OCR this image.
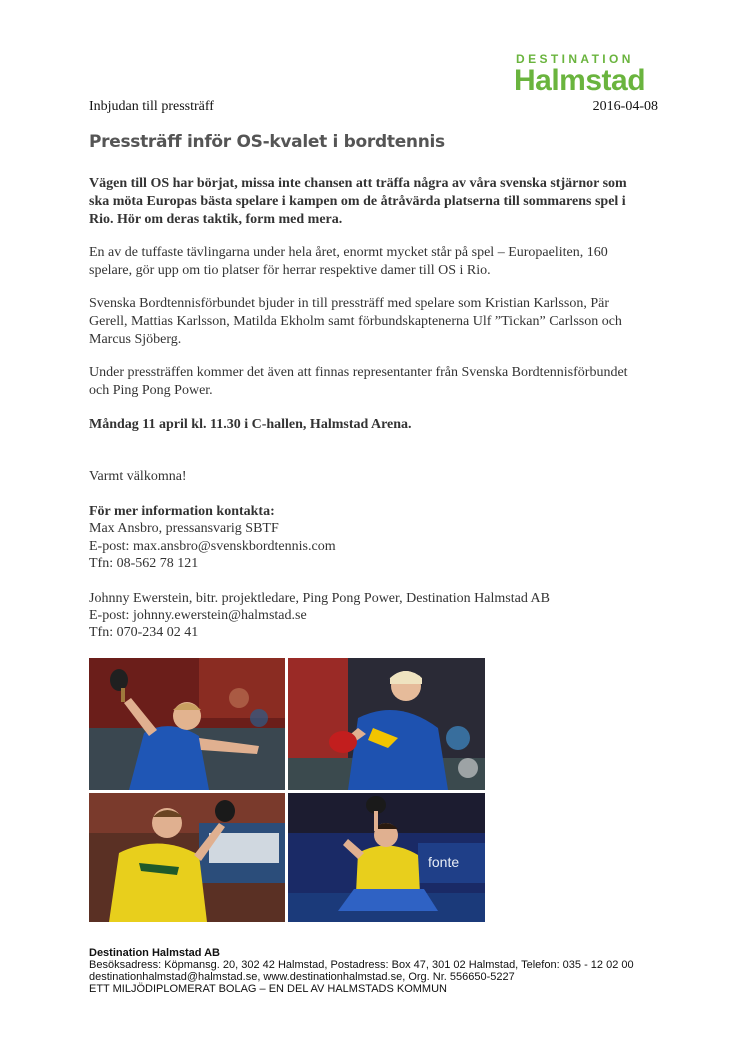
DESTINATION
Halmstad
Inbjudan till pressträff	2016-04-08
Pressträff inför OS-kvalet i bordtennis
Vägen till OS har börjat, missa inte chansen att träffa några av våra svenska stjärnor som ska möta Europas bästa spelare i kampen om de åtråvärda platserna till sommarens spel i Rio. Hör om deras taktik, form med mera.
En av de tuffaste tävlingarna under hela året, enormt mycket står på spel – Europaeliten, 160 spelare, gör upp om tio platser för herrar respektive damer till OS i Rio.
Svenska Bordtennisförbundet bjuder in till pressträff med spelare som Kristian Karlsson, Pär Gerell, Mattias Karlsson, Matilda Ekholm samt förbundskaptenerna Ulf ”Tickan” Carlsson och Marcus Sjöberg.
Under pressträffen kommer det även att finnas representanter från Svenska Bordtennisförbundet och Ping Pong Power.
Måndag 11 april kl. 11.30 i C-hallen, Halmstad Arena.
Varmt välkomna!
För mer information kontakta:
Max Ansbro, pressansvarig SBTF
E-post: max.ansbro@svenskbordtennis.com
Tfn: 08-562 78 121
Johnny Ewerstein, bitr. projektledare, Ping Pong Power, Destination Halmstad AB
E-post: johnny.ewerstein@halmstad.se
Tfn: 070-234 02 41
fonte
Destination Halmstad AB
Besöksadress: Köpmansg. 20, 302 42 Halmstad, Postadress: Box 47, 301 02 Halmstad, Telefon: 035 - 12 02 00
destinationhalmstad@halmstad.se, www.destinationhalmstad.se, Org. Nr. 556650-5227
ETT MILJÖDIPLOMERAT BOLAG – EN DEL AV HALMSTADS KOMMUN
